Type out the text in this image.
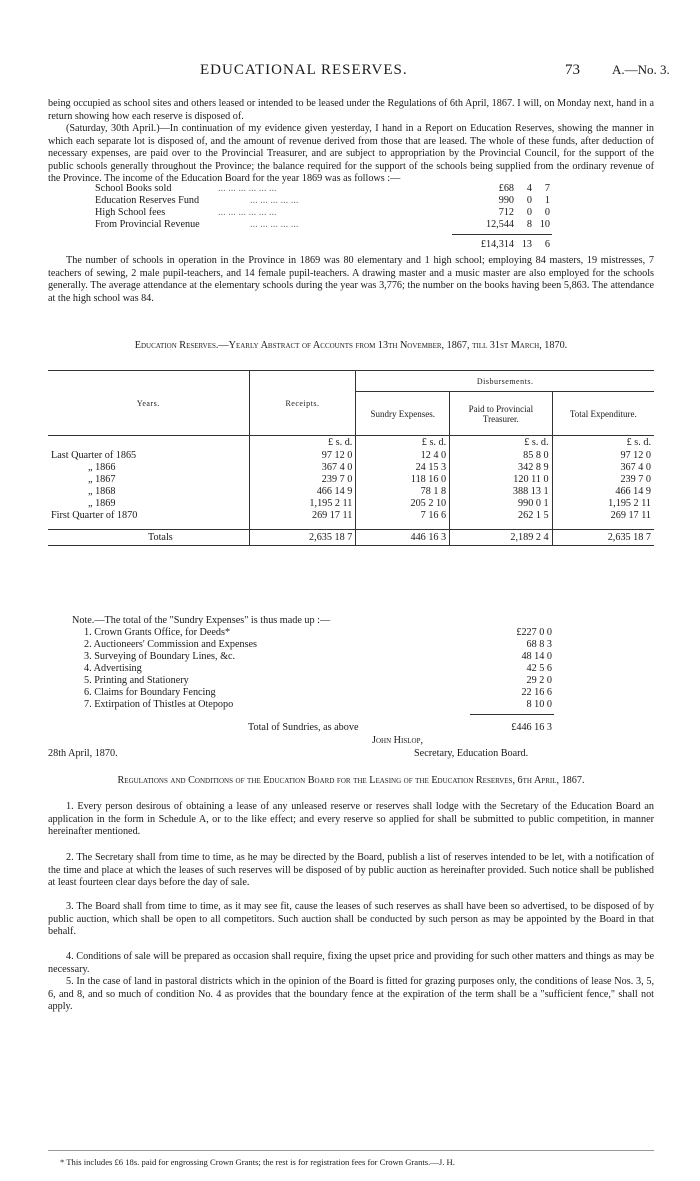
EDUCATIONAL RESERVES.	73 A.—No. 3.
being occupied as school sites and others leased or intended to be leased under the Regulations of 6th April, 1867. I will, on Monday next, hand in a return showing how each reserve is disposed of.
(Saturday, 30th April.)—In continuation of my evidence given yesterday, I hand in a Report on Education Reserves, showing the manner in which each separate lot is disposed of, and the amount of revenue derived from those that are leased. The whole of these funds, after deduction of necessary expenses, are paid over to the Provincial Treasurer, and are subject to appropriation by the Provincial Council, for the support of the public schools generally throughout the Province; the balance required for the support of the schools being supplied from the ordinary revenue of the Province. The income of the Education Board for the year 1869 was as follows :—
School Books sold	... ... ... ... ... ...	£68	4	7
Education Reserves Fund	... ... ... ... ...	990	0	1
High School fees	... ... ... ... ... ...	712	0	0
From Provincial Revenue	... ... ... ... ...	12,544	8 10
£14,314 13	6
The number of schools in operation in the Province in 1869 was 80 elementary and 1 high school; employing 84 masters, 19 mistresses, 7 teachers of sewing, 2 male pupil-teachers, and 14 female pupil-teachers. A drawing master and a music master are also employed for the schools generally. The average attendance at the elementary schools during the year was 3,776; the number on the books having been 5,863. The attendance at the high school was 84.
Education Reserves.—Yearly Abstract of Accounts from 13th November, 1867, till 31st March, 1870.
Years.	Receipts.	Disbursements.		
		Sundry Expenses.	Paid to Provincial Treasurer.	Total Expenditure.
	£ s. d.	£ s. d.	£ s. d.	£ s. d.
Last Quarter of 1865	97 12 0	12 4 0	85 8 0	97 12 0
„ 1866	367 4 0	24 15 3	342 8 9	367 4 0
„ 1867	239 7 0	118 16 0	120 11 0	239 7 0
„ 1868	466 14 9	78 1 8	388 13 1	466 14 9
„ 1869	1,195 2 11	205 2 10	990 0 1	1,195 2 11
First Quarter of 1870	269 17 11	7 16 6	262 1 5	269 17 11

Totals	2,635 18 7	446 16 3	2,189 2 4	2,635 18 7
Note.—The total of the "Sundry Expenses" is thus made up :—
1. Crown Grants Office, for Deeds*	£227 0 0
2. Auctioneers' Commission and Expenses	68 8 3
3. Surveying of Boundary Lines, &c.	48 14 0
4. Advertising	42 5 6
5. Printing and Stationery	29 2 0
6. Claims for Boundary Fencing	22 16 6
7. Extirpation of Thistles at Otepopo	8 10 0
Total of Sundries, as above	£446 16 3
John Hislop,
28th April, 1870.	Secretary, Education Board.
Regulations and Conditions of the Education Board for the Leasing of the Education Reserves, 6th April, 1867.
1. Every person desirous of obtaining a lease of any unleased reserve or reserves shall lodge with the Secretary of the Education Board an application in the form in Schedule A, or to the like effect; and every reserve so applied for shall be submitted to public competition, in manner hereinafter mentioned.
2. The Secretary shall from time to time, as he may be directed by the Board, publish a list of reserves intended to be let, with a notification of the time and place at which the leases of such reserves will be disposed of by public auction as hereinafter provided. Such notice shall be published at least fourteen clear days before the day of sale.
3. The Board shall from time to time, as it may see fit, cause the leases of such reserves as shall have been so advertised, to be disposed of by public auction, which shall be open to all competitors. Such auction shall be conducted by such person as may be appointed by the Board in that behalf.
4. Conditions of sale will be prepared as occasion shall require, fixing the upset price and providing for such other matters and things as may be necessary.
5. In the case of land in pastoral districts which in the opinion of the Board is fitted for grazing purposes only, the conditions of lease Nos. 3, 5, 6, and 8, and so much of condition No. 4 as provides that the boundary fence at the expiration of the term shall be a "sufficient fence," shall not apply.
* This includes £6 18s. paid for engrossing Crown Grants; the rest is for registration fees for Crown Grants.—J. H.
